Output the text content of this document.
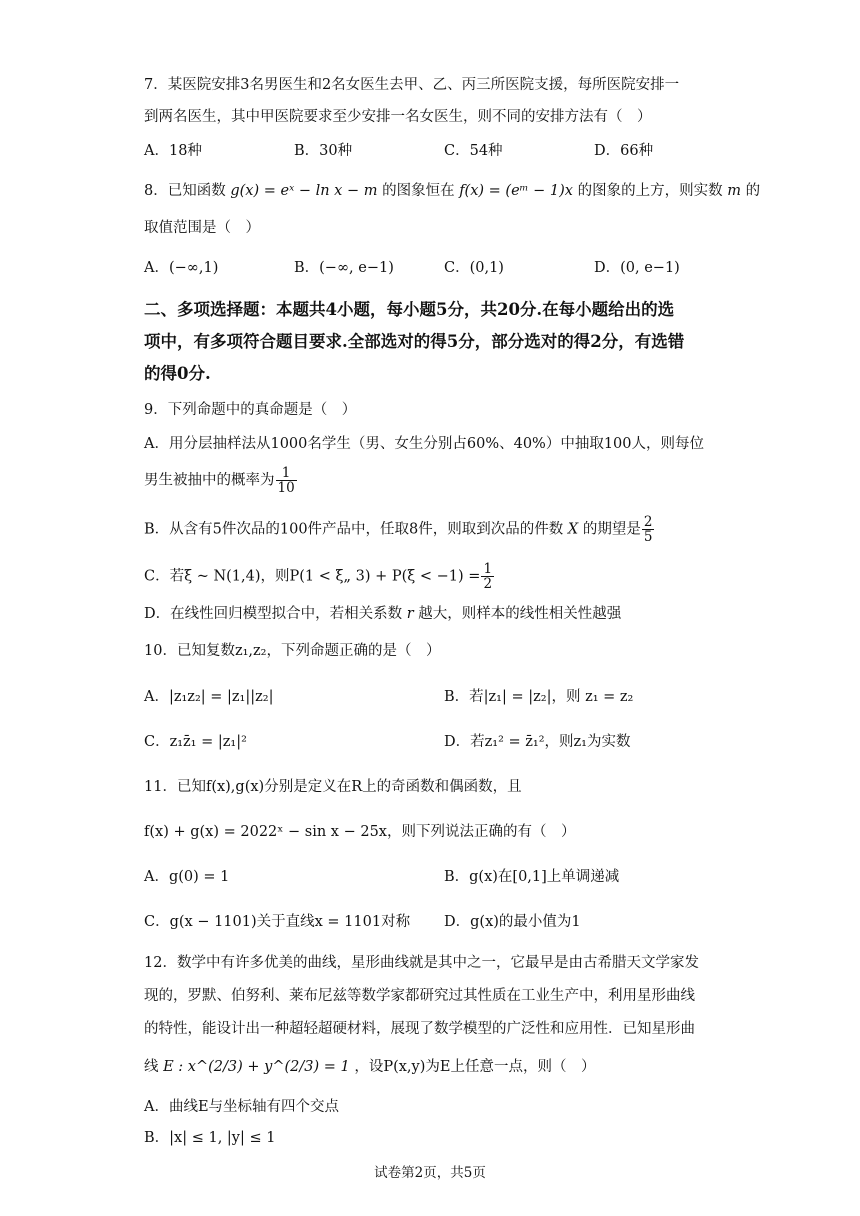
7．某医院安排3名男医生和2名女医生去甲、乙、丙三所医院支援，每所医院安排一
到两名医生，其中甲医院要求至少安排一名女医生，则不同的安排方法有（　）
A．18种	B．30种	C．54种	D．66种
8．已知函数 g(x) = eˣ − ln x − m 的图象恒在 f(x) = (eᵐ − 1)x 的图象的上方，则实数 m 的
取值范围是（　）
A．(−∞,1)	B．(−∞, e−1)	C．(0,1)	D．(0, e−1)
二、多项选择题：本题共4小题，每小题5分，共20分.在每小题给出的选
项中，有多项符合题目要求.全部选对的得5分，部分选对的得2分，有选错
的得0分.
9．下列命题中的真命题是（　）
A．用分层抽样法从1000名学生（男、女生分别占60%、40%）中抽取100人，则每位
男生被抽中的概率为 $\frac{1}{10}$
B．从含有5件次品的100件产品中，任取8件，则取到次品的件数 X 的期望是 $\frac{2}{5}$
C．若ξ ~ N(1,4)，则P(1 < ξ„ $3) + P(\xi < -1) = \frac{1}{2}$
D．在线性回归模型拟合中，若相关系数 r 越大，则样本的线性相关性越强
10．已知复数z₁,z₂，下列命题正确的是（　）
A．|z₁z₂| = |z₁||z₂|	B．若|z₁| = |z₂|，则 z₁ = z₂
C．z₁z̄₁ = |z₁|²	D．若z₁² = z̄₁²，则z₁为实数
11．已知f(x),g(x)分别是定义在R上的奇函数和偶函数，且
f(x) + g(x) = 2022ˣ − sin x − 25x，则下列说法正确的有（　）
A．g(0) = 1	B．g(x)在[0,1]上单调递减
C．g(x − 1101)关于直线x = 1101对称 D．g(x)的最小值为1
12．数学中有许多优美的曲线，星形曲线就是其中之一，它最早是由古希腊天文学家发
现的，罗默、伯努利、莱布尼兹等数学家都研究过其性质在工业生产中，利用星形曲线
的特性，能设计出一种超轻超硬材料，展现了数学模型的广泛性和应用性．已知星形曲
线 E : x^(2/3) + y^(2/3) = 1 ，设P(x,y)为E上任意一点，则（　）
A．曲线E与坐标轴有四个交点
B．|x| ≤ 1, |y| ≤ 1
试卷第2页，共5页
